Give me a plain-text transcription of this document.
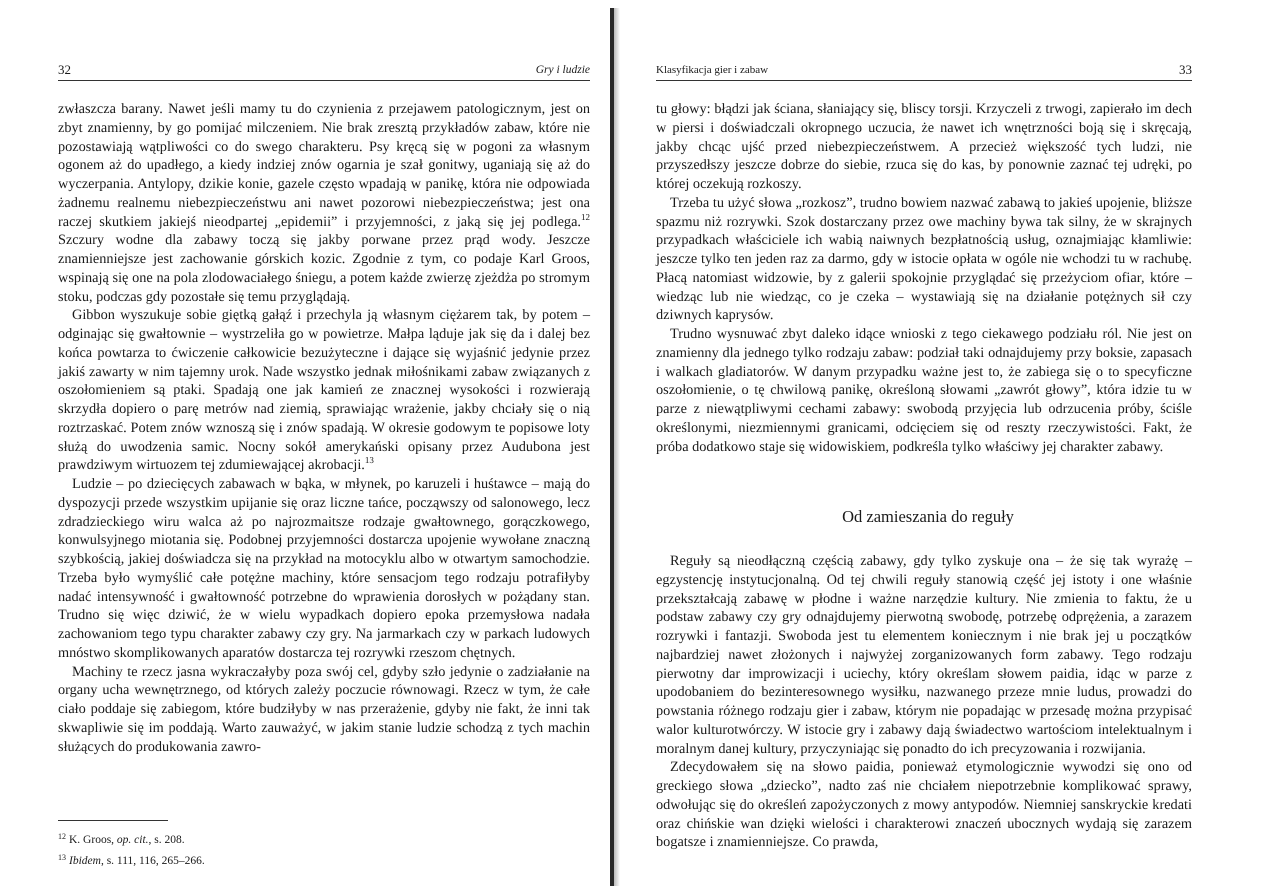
32	Gry i ludzie

zwłaszcza barany. Nawet jeśli mamy tu do czynienia z przejawem patologicznym, jest on zbyt znamienny, by go pomijać milczeniem. Nie brak zresztą przykładów zabaw, które nie pozostawiają wątpliwości co do swego charakteru. Psy kręcą się w pogoni za własnym ogonem aż do upadłego, a kiedy indziej znów ogarnia je szał gonitwy, uganiają się aż do wyczerpania. Antylopy, dzikie konie, gazele często wpadają w panikę, która nie odpowiada żadnemu realnemu niebezpieczeństwu ani nawet pozorowi niebezpieczeństwa; jest ona raczej skutkiem jakiejś nieodpartej „epidemii” i przyjemności, z jaką się jej podlega.$^{12}$ Szczury wodne dla zabawy toczą się jakby porwane przez prąd wody. Jeszcze znamienniejsze jest zachowanie górskich kozic. Zgodnie z tym, co podaje Karl Groos, wspinają się one na pola zlodowaciałego śniegu, a potem każde zwierzę zjeżdża po stromym stoku, podczas gdy pozostałe się temu przyglądają.

Gibbon wyszukuje sobie giętką gałąź i przechyla ją własnym ciężarem tak, by potem – odginając się gwałtownie – wystrzeliła go w powietrze. Małpa ląduje jak się da i dalej bez końca powtarza to ćwiczenie całkowicie bezużyteczne i dające się wyjaśnić jedynie przez jakiś zawarty w nim tajemny urok. Nade wszystko jednak miłośnikami zabaw związanych z oszołomieniem są ptaki. Spadają one jak kamień ze znacznej wysokości i rozwierają skrzydła dopiero o parę metrów nad ziemią, sprawiając wrażenie, jakby chciały się o nią roztrzaskać. Potem znów wznoszą się i znów spadają. W okresie godowym te popisowe loty służą do uwodzenia samic. Nocny sokół amerykański opisany przez Audubona jest prawdziwym wirtuozem tej zdumiewającej akrobacji.$^{13}$

Ludzie – po dziecięcych zabawach w bąka, w młynek, po karuzeli i huśtawce – mają do dyspozycji przede wszystkim upijanie się oraz liczne tańce, począwszy od salonowego, lecz zdradzieckiego wiru walca aż po najrozmaitsze rodzaje gwałtownego, gorączkowego, konwulsyjnego miotania się. Podobnej przyjemności dostarcza upojenie wywołane znaczną szybkością, jakiej doświadcza się na przykład na motocyklu albo w otwartym samochodzie. Trzeba było wymyślić całe potężne machiny, które sensacjom tego rodzaju potrafiłyby nadać intensywność i gwałtowność potrzebne do wprawienia dorosłych w pożądany stan. Trudno się więc dziwić, że w wielu wypadkach dopiero epoka przemysłowa nadała zachowaniom tego typu charakter zabawy czy gry. Na jarmarkach czy w parkach ludowych mnóstwo skomplikowanych aparatów dostarcza tej rozrywki rzeszom chętnych.

Machiny te rzecz jasna wykraczałyby poza swój cel, gdyby szło jedynie o zadziałanie na organy ucha wewnętrznego, od których zależy poczucie równowagi. Rzecz w tym, że całe ciało poddaje się zabiegom, które budziłyby w nas przerażenie, gdyby nie fakt, że inni tak skwapliwie się im poddają. Warto zauważyć, w jakim stanie ludzie schodzą z tych machin służących do produkowania zawro-

$^{12}$ K. Groos, op. cit., s. 208.
$^{13}$ Ibidem, s. 111, 116, 265–266.
Klasyfikacja gier i zabaw	33

tu głowy: błądzi jak ściana, słaniający się, bliscy torsji. Krzyczeli z trwogi, zapierało im dech w piersi i doświadczali okropnego uczucia, że nawet ich wnętrzności boją się i skręcają, jakby chcąc ujść przed niebezpieczeństwem. A przecież większość tych ludzi, nie przyszedłszy jeszcze dobrze do siebie, rzuca się do kas, by ponownie zaznać tej udręki, po której oczekują rozkoszy.

Trzeba tu użyć słowa „rozkosz”, trudno bowiem nazwać zabawą to jakieś upojenie, bliższe spazmu niż rozrywki. Szok dostarczany przez owe machiny bywa tak silny, że w skrajnych przypadkach właściciele ich wabią naiwnych bezpłatnością usług, oznajmiając kłamliwie: jeszcze tylko ten jeden raz za darmo, gdy w istocie opłata w ogóle nie wchodzi tu w rachubę. Płacą natomiast widzowie, by z galerii spokojnie przyglądać się przeżyciom ofiar, które – wiedząc lub nie wiedząc, co je czeka – wystawiają się na działanie potężnych sił czy dziwnych kaprysów.

Trudno wysnuwać zbyt daleko idące wnioski z tego ciekawego podziału ról. Nie jest on znamienny dla jednego tylko rodzaju zabaw: podział taki odnajdujemy przy boksie, zapasach i walkach gladiatorów. W danym przypadku ważne jest to, że zabiega się o to specyficzne oszołomienie, o tę chwilową panikę, określoną słowami „zawrót głowy”, która idzie tu w parze z niewątpliwymi cechami zabawy: swobodą przyjęcia lub odrzucenia próby, ściśle określonymi, niezmiennymi granicami, odcięciem się od reszty rzeczywistości. Fakt, że próba dodatkowo staje się widowiskiem, podkreśla tylko właściwy jej charakter zabawy.

Od zamieszania do reguły

Reguły są nieodłączną częścią zabawy, gdy tylko zyskuje ona – że się tak wyrażę – egzystencję instytucjonalną. Od tej chwili reguły stanowią część jej istoty i one właśnie przekształcają zabawę w płodne i ważne narzędzie kultury. Nie zmienia to faktu, że u podstaw zabawy czy gry odnajdujemy pierwotną swobodę, potrzebę odprężenia, a zarazem rozrywki i fantazji. Swoboda jest tu elementem koniecznym i nie brak jej u początków najbardziej nawet złożonych i najwyżej zorganizowanych form zabawy. Tego rodzaju pierwotny dar improwizacji i uciechy, który określam słowem paidia, idąc w parze z upodobaniem do bezinteresownego wysiłku, nazwanego przeze mnie ludus, prowadzi do powstania różnego rodzaju gier i zabaw, którym nie popadając w przesadę można przypisać walor kulturotwórczy. W istocie gry i zabawy dają świadectwo wartościom intelektualnym i moralnym danej kultury, przyczyniając się ponadto do ich precyzowania i rozwijania.

Zdecydowałem się na słowo paidia, ponieważ etymologicznie wywodzi się ono od greckiego słowa „dziecko”, nadto zaś nie chciałem niepotrzebnie komplikować sprawy, odwołując się do określeń zapożyczonych z mowy antypodów. Niemniej sanskryckie kredati oraz chińskie wan dzięki wielości i charakterowi znaczeń ubocznych wydają się zarazem bogatsze i znamienniejsze. Co prawda,
